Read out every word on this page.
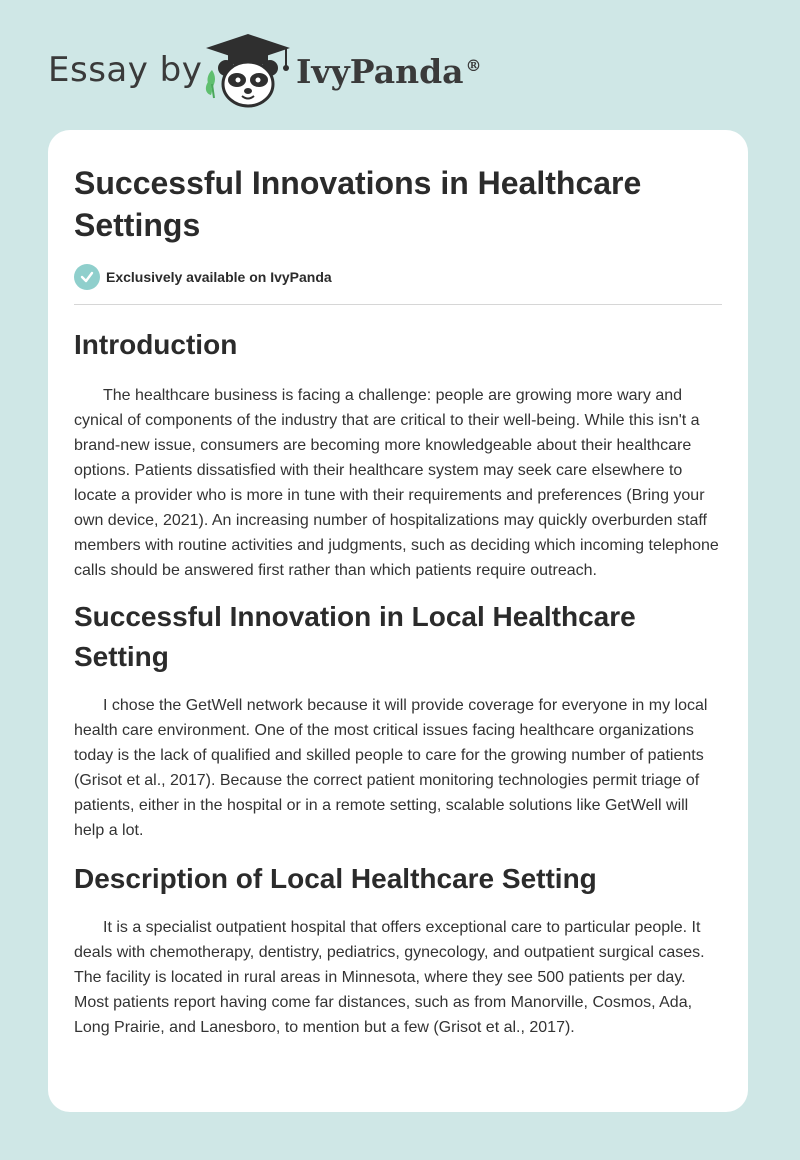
Essay by	IvyPanda ®
Successful Innovations in Healthcare Settings
Exclusively available on IvyPanda
Introduction

The healthcare business is facing a challenge: people are growing more wary and cynical of components of the industry that are critical to their well-being. While this isn't a brand-new issue, consumers are becoming more knowledgeable about their healthcare options. Patients dissatisfied with their healthcare system may seek care elsewhere to locate a provider who is more in tune with their requirements and preferences (Bring your own device, 2021). An increasing number of hospitalizations may quickly overburden staff members with routine activities and judgments, such as deciding which incoming telephone calls should be answered first rather than which patients require outreach.

Successful Innovation in Local Healthcare Setting

I chose the GetWell network because it will provide coverage for everyone in my local health care environment. One of the most critical issues facing healthcare organizations today is the lack of qualified and skilled people to care for the growing number of patients (Grisot et al., 2017). Because the correct patient monitoring technologies permit triage of patients, either in the hospital or in a remote setting, scalable solutions like GetWell will help a lot.

Description of Local Healthcare Setting

It is a specialist outpatient hospital that offers exceptional care to particular people. It deals with chemotherapy, dentistry, pediatrics, gynecology, and outpatient surgical cases. The facility is located in rural areas in Minnesota, where they see 500 patients per day. Most patients report having come far distances, such as from Manorville, Cosmos, Ada, Long Prairie, and Lanesboro, to mention but a few (Grisot et al., 2017).
